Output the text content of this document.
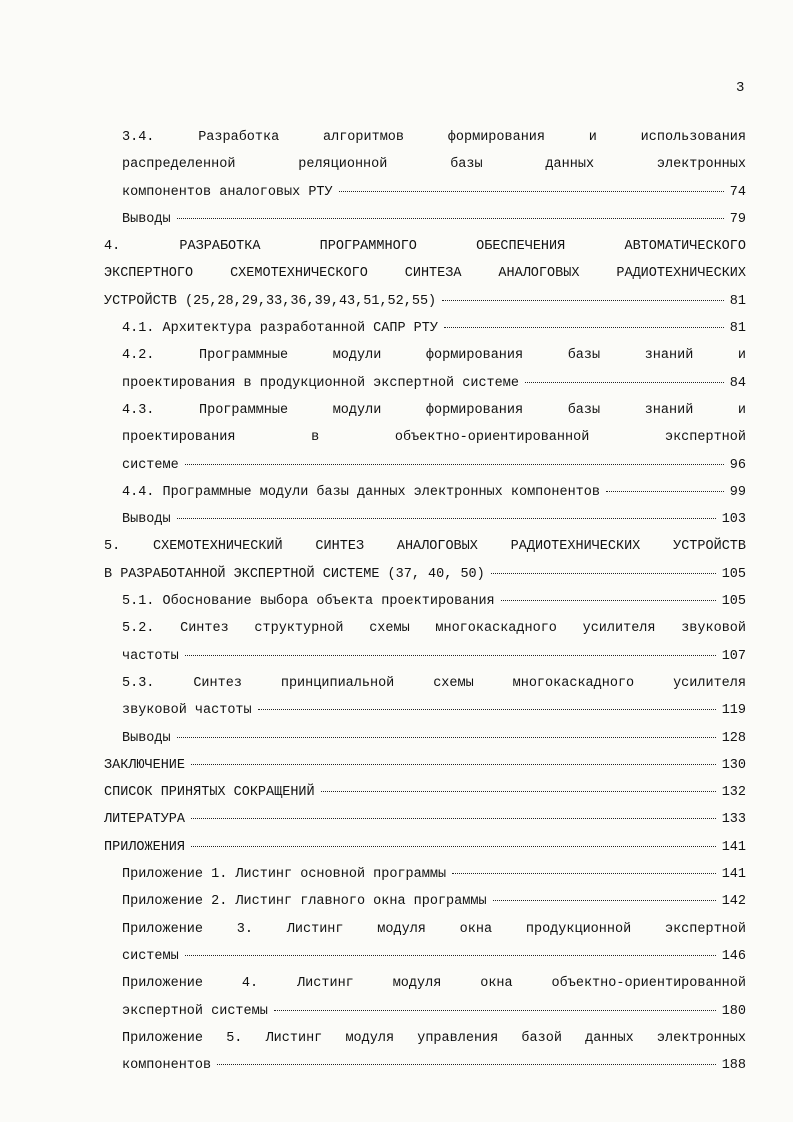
3
3.4. Разработка алгоритмов формирования и использования
распределенной реляционной базы данных электронных
компонентов аналоговых РТУ	74
Выводы	79
4. РАЗРАБОТКА ПРОГРАММНОГО ОБЕСПЕЧЕНИЯ АВТОМАТИЧЕСКОГО
ЭКСПЕРТНОГО СХЕМОТЕХНИЧЕСКОГО СИНТЕЗА АНАЛОГОВЫХ РАДИОТЕХНИЧЕСКИХ
УСТРОЙСТВ (25,28,29,33,36,39,43,51,52,55)	81
4.1. Архитектура разработанной САПР РТУ	81
4.2. Программные модули формирования базы знаний и
проектирования в продукционной экспертной системе	84
4.3. Программные модули формирования базы знаний и
проектирования в объектно-ориентированной экспертной
системе	96
4.4. Программные модули базы данных электронных компонентов	99
Выводы	103
5. СХЕМОТЕХНИЧЕСКИЙ СИНТЕЗ АНАЛОГОВЫХ РАДИОТЕХНИЧЕСКИХ УСТРОЙСТВ
В РАЗРАБОТАННОЙ ЭКСПЕРТНОЙ СИСТЕМЕ (37, 40, 50)	105
5.1. Обоснование выбора объекта проектирования	105
5.2. Синтез структурной схемы многокаскадного усилителя звуковой
частоты	107
5.3. Синтез принципиальной схемы многокаскадного усилителя
звуковой частоты	119
Выводы	128
ЗАКЛЮЧЕНИЕ	130
СПИСОК ПРИНЯТЫХ СОКРАЩЕНИЙ	132
ЛИТЕРАТУРА	133
ПРИЛОЖЕНИЯ	141
Приложение 1. Листинг основной программы	141
Приложение 2. Листинг главного окна программы	142
Приложение 3. Листинг модуля окна продукционной экспертной
системы	146
Приложение 4. Листинг модуля окна объектно-ориентированной
экспертной системы	180
Приложение 5. Листинг модуля управления базой данных электронных
компонентов	188
